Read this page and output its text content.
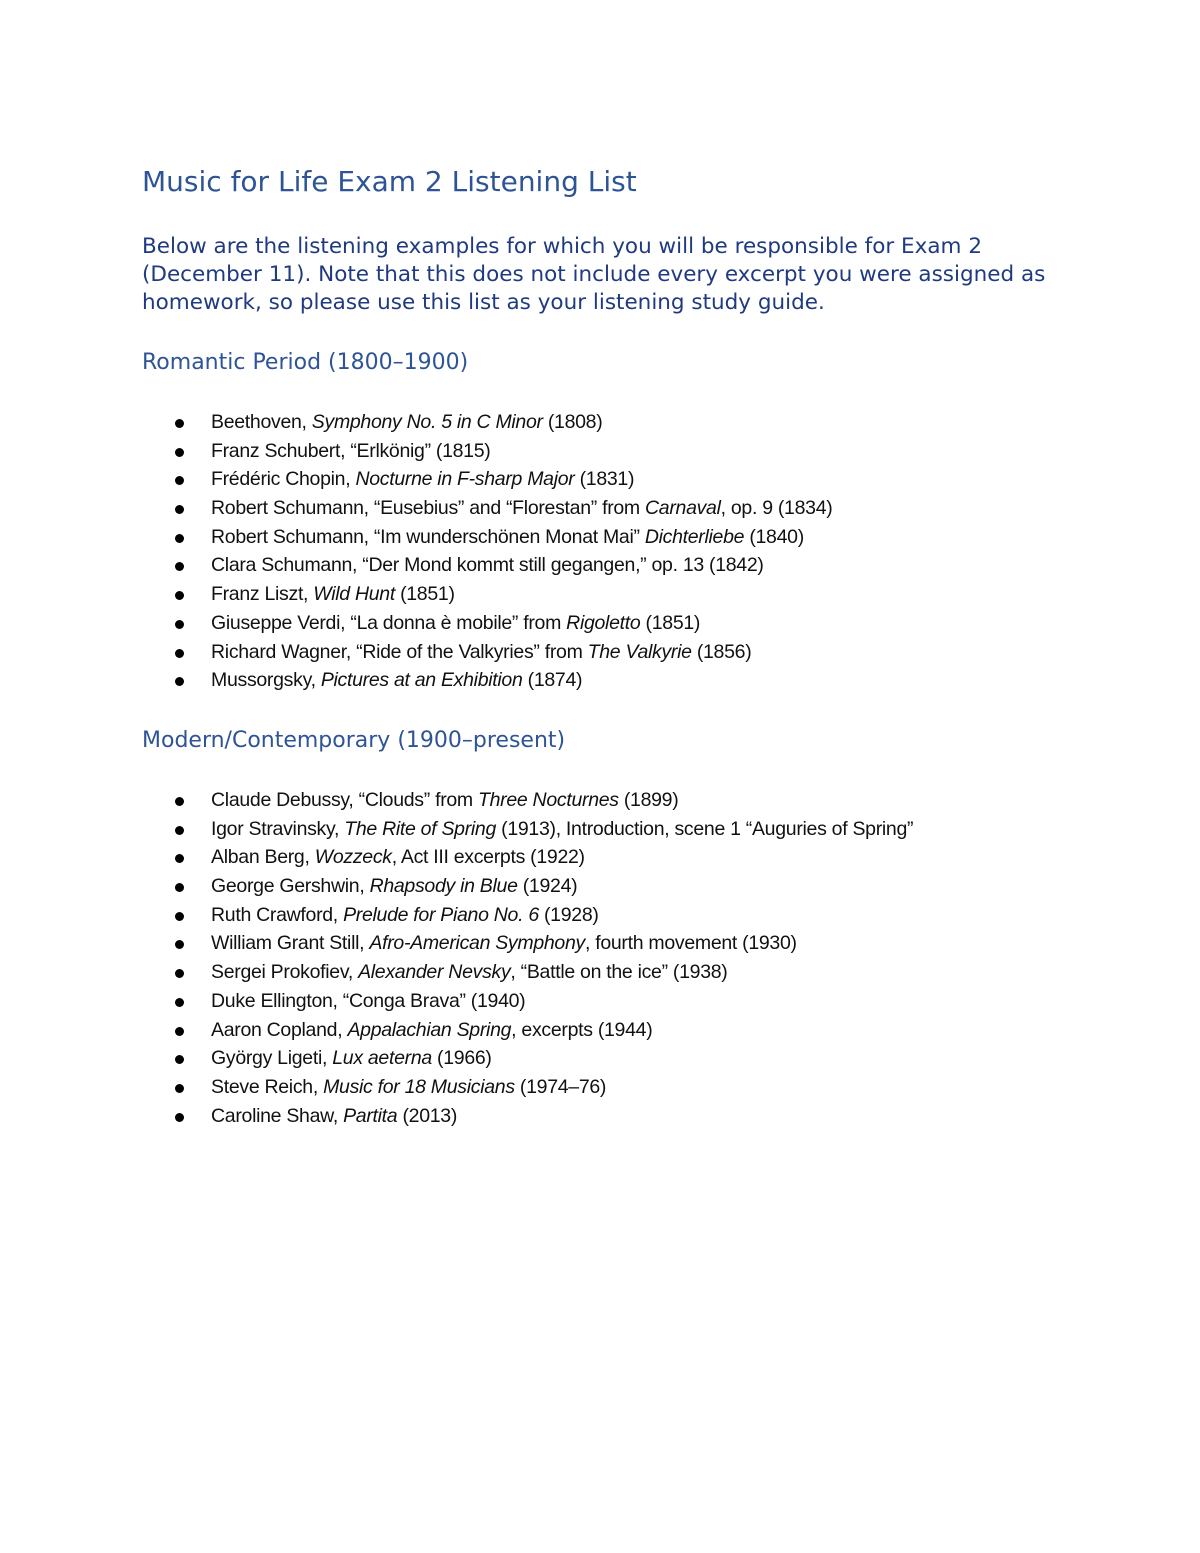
Music for Life Exam 2 Listening List

Below are the listening examples for which you will be responsible for Exam 2 (December 11). Note that this does not include every excerpt you were assigned as homework, so please use this list as your listening study guide.

Romantic Period (1800–1900)
Beethoven, Symphony No. 5 in C Minor (1808)
Franz Schubert, “Erlkönig” (1815)
Frédéric Chopin, Nocturne in F-sharp Major (1831)
Robert Schumann, “Eusebius” and “Florestan” from Carnaval, op. 9 (1834)
Robert Schumann, “Im wunderschönen Monat Mai” Dichterliebe (1840)
Clara Schumann, “Der Mond kommt still gegangen,” op. 13 (1842)
Franz Liszt, Wild Hunt (1851)
Giuseppe Verdi, “La donna è mobile” from Rigoletto (1851)
Richard Wagner, “Ride of the Valkyries” from The Valkyrie (1856)
Mussorgsky, Pictures at an Exhibition (1874)
Modern/Contemporary (1900–present)
Claude Debussy, “Clouds” from Three Nocturnes (1899)
Igor Stravinsky, The Rite of Spring (1913), Introduction, scene 1 “Auguries of Spring”
Alban Berg, Wozzeck, Act III excerpts (1922)
George Gershwin, Rhapsody in Blue (1924)
Ruth Crawford, Prelude for Piano No. 6 (1928)
William Grant Still, Afro-American Symphony, fourth movement (1930)
Sergei Prokofiev, Alexander Nevsky, “Battle on the ice” (1938)
Duke Ellington, “Conga Brava” (1940)
Aaron Copland, Appalachian Spring, excerpts (1944)
György Ligeti, Lux aeterna (1966)
Steve Reich, Music for 18 Musicians (1974–76)
Caroline Shaw, Partita (2013)
